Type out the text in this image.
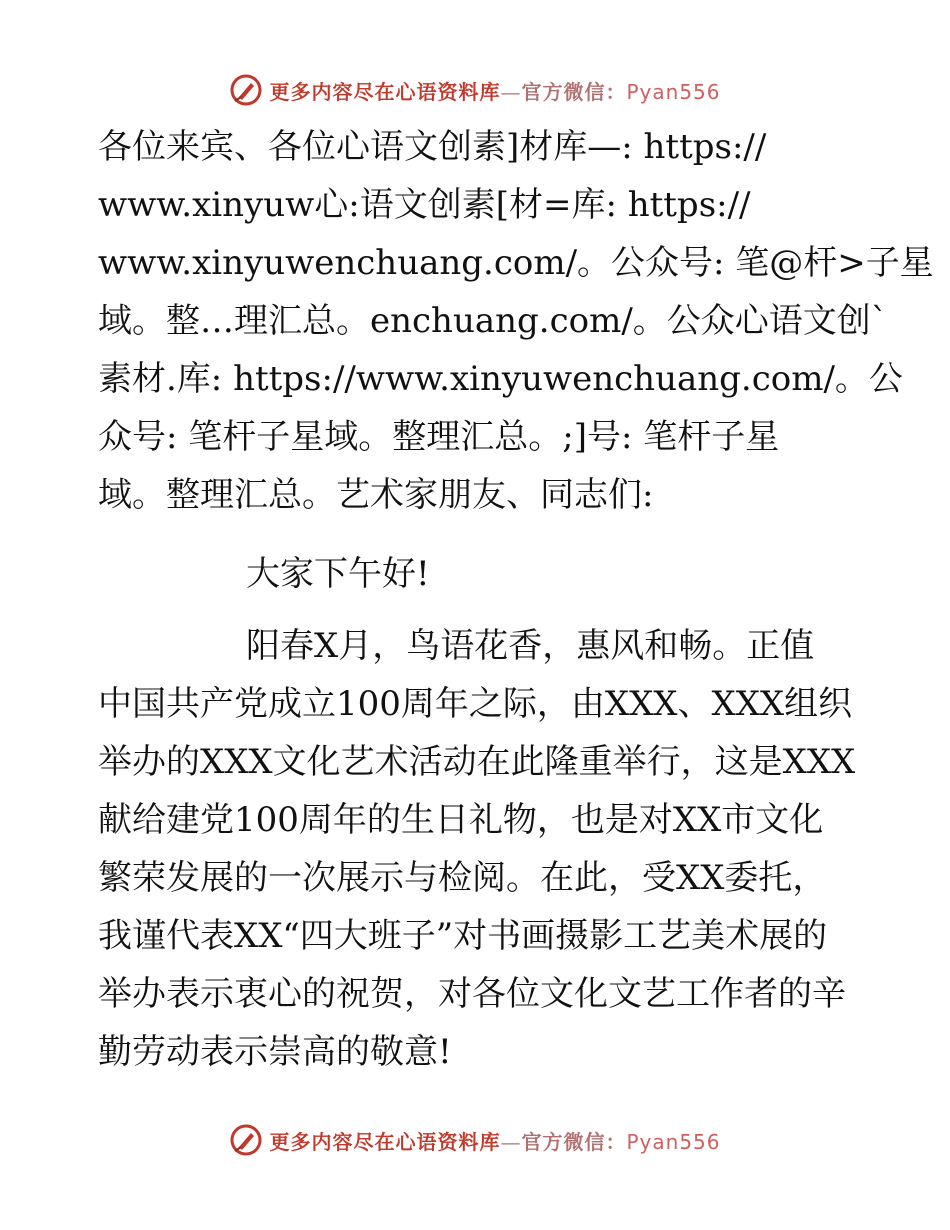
更多内容尽在心语资料库—官方微信：Pyan556
各位来宾、各位心语文创素]材库—: https://
www.xinyuw心:语文创素[材=库: https://
www.xinyuwenchuang.com/。公众号: 笔@杆>子星
域。整…理汇总。enchuang.com/。公众心语文创`
素材.库: https://www.xinyuwenchuang.com/。公
众号: 笔杆子星域。整理汇总。;]号: 笔杆子星
域。整理汇总。艺术家朋友、同志们:
大家下午好!
阳春X月，鸟语花香，惠风和畅。正值
中国共产党成立100周年之际，由XXX、XXX组织
举办的XXX文化艺术活动在此隆重举行，这是XXX
献给建党100周年的生日礼物，也是对XX市文化
繁荣发展的一次展示与检阅。在此，受XX委托，
我谨代表XX“四大班子”对书画摄影工艺美术展的
举办表示衷心的祝贺，对各位文化文艺工作者的辛
勤劳动表示崇高的敬意!
更多内容尽在心语资料库—官方微信：Pyan556
